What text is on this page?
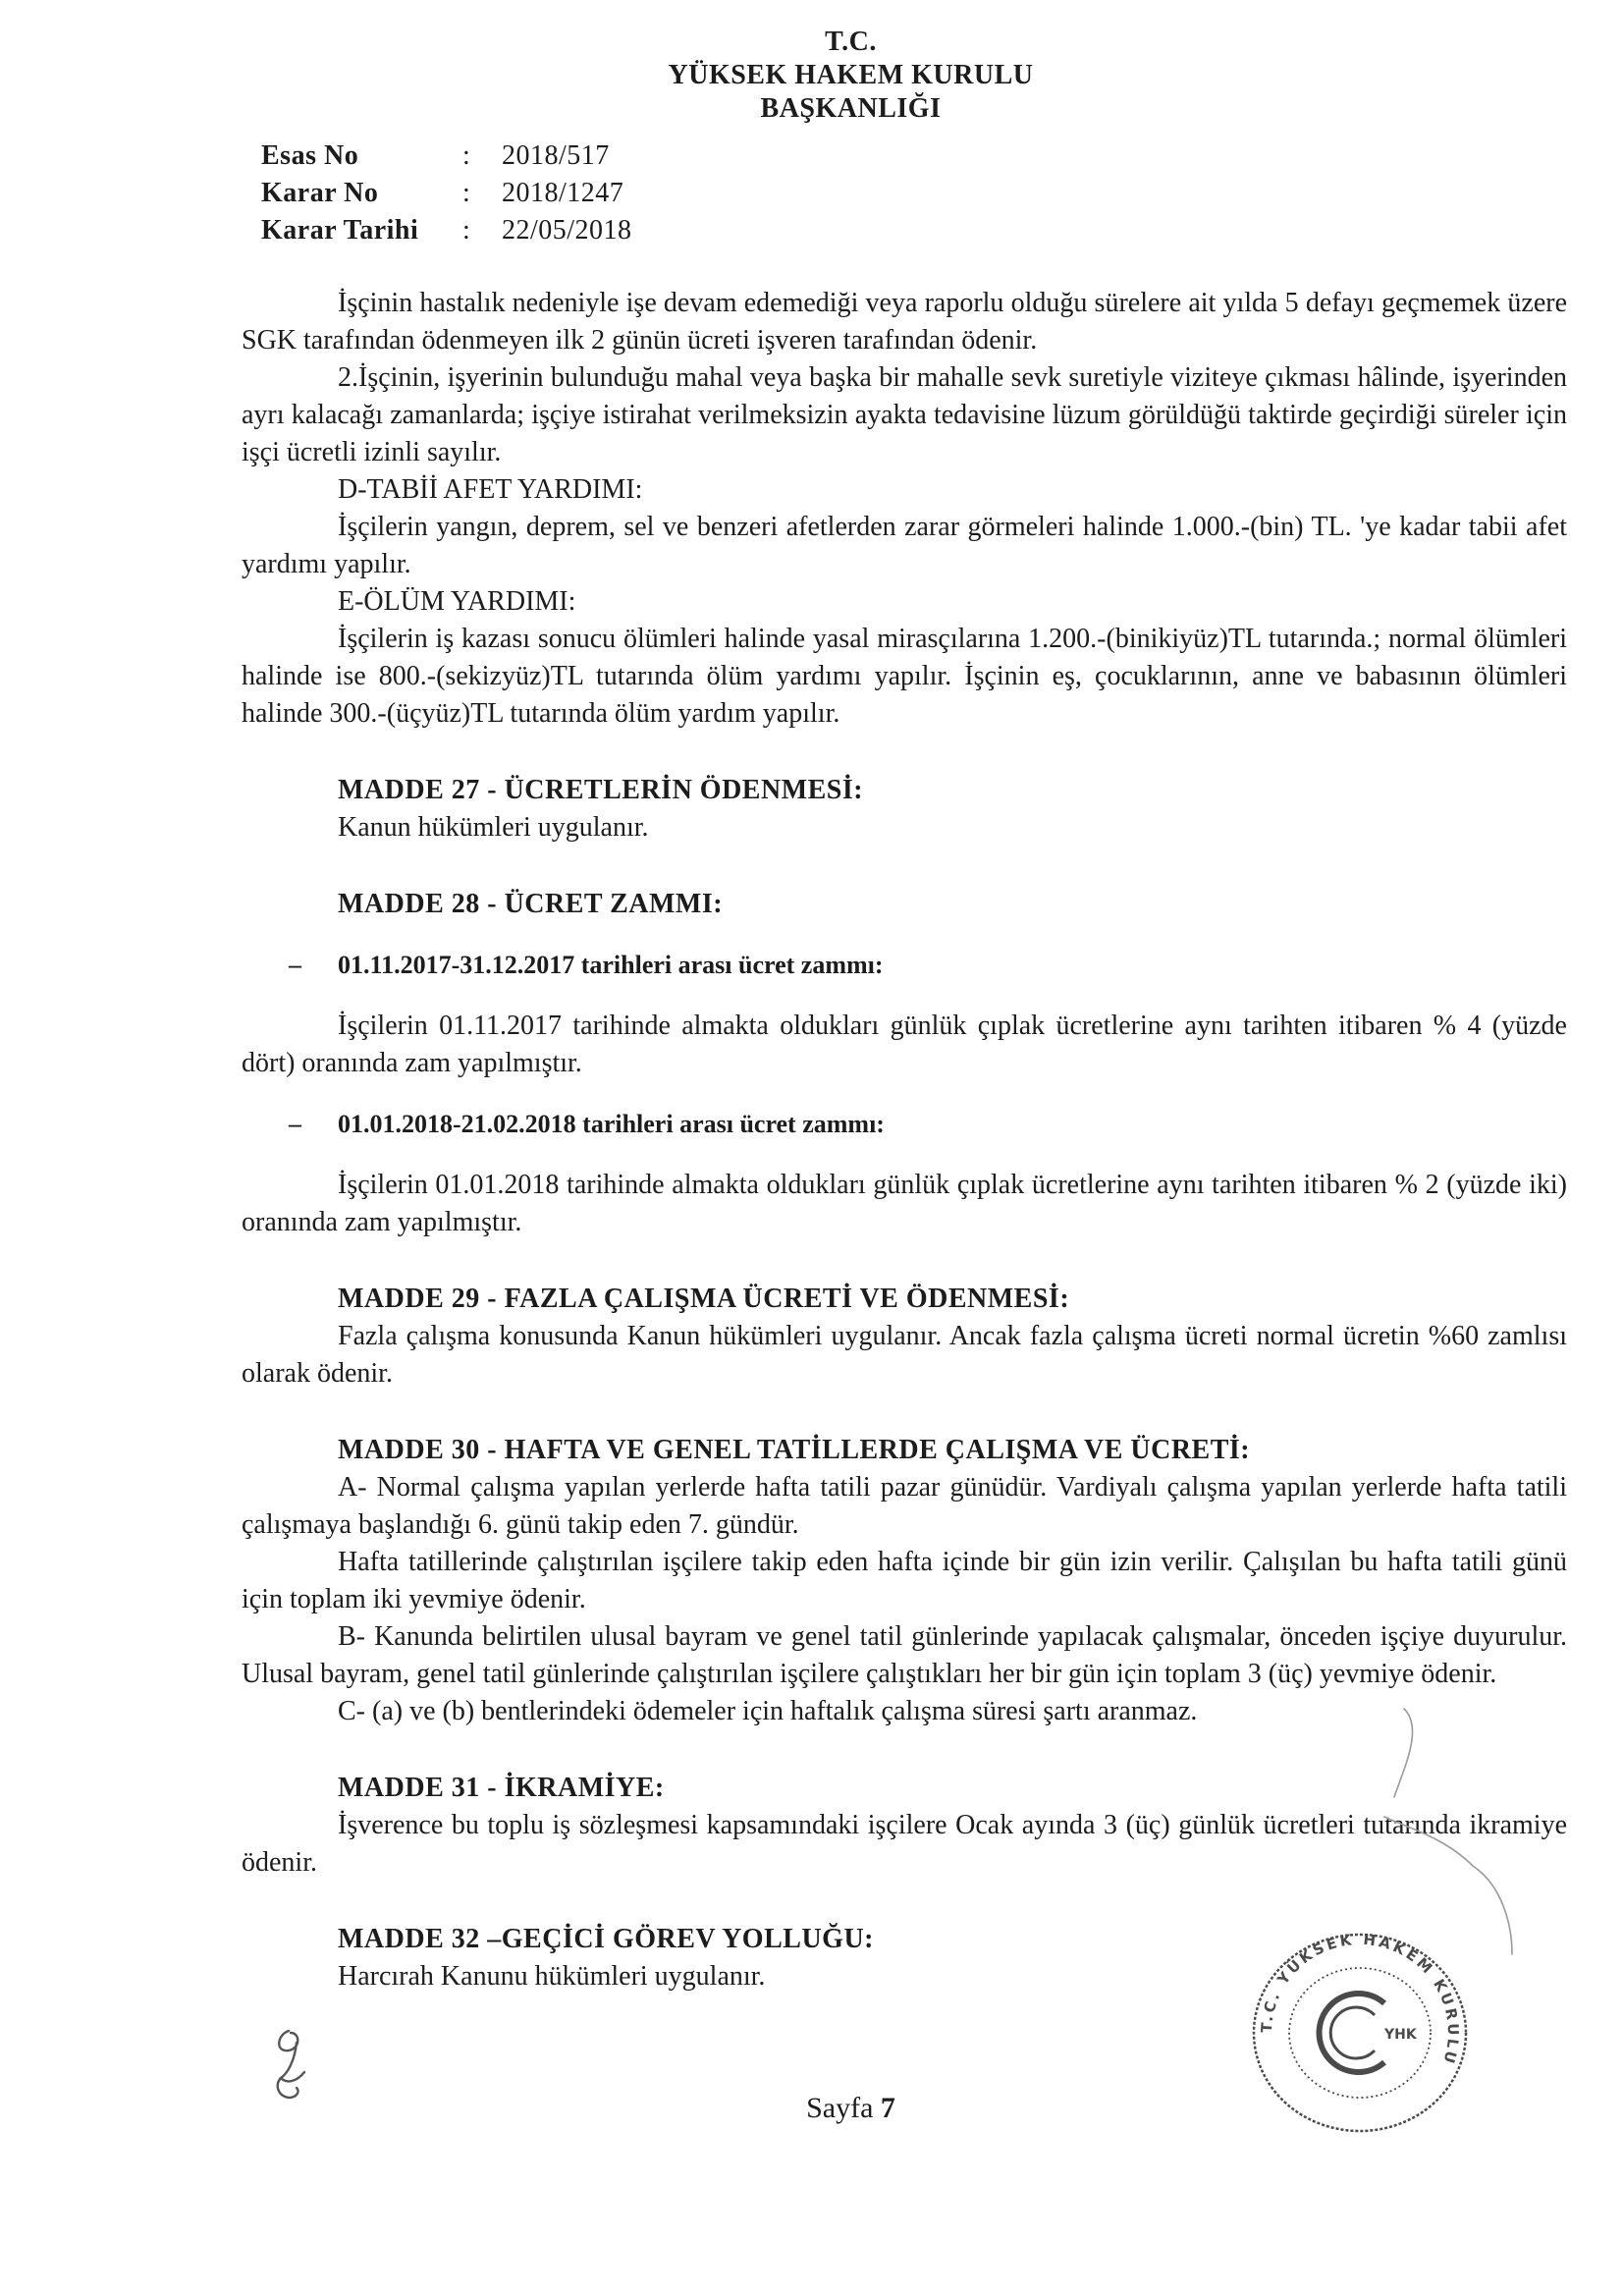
T.C.
YÜKSEK HAKEM KURULU
BAŞKANLIĞI
Esas No	:	2018/517
Karar No	:	2018/1247
Karar Tarihi	:	22/05/2018

İşçinin hastalık nedeniyle işe devam edemediği veya raporlu olduğu sürelere ait yılda 5 defayı geçmemek üzere SGK tarafından ödenmeyen ilk 2 günün ücreti işveren tarafından ödenir.

2.İşçinin, işyerinin bulunduğu mahal veya başka bir mahalle sevk suretiyle viziteye çıkması hâlinde, işyerinden ayrı kalacağı zamanlarda; işçiye istirahat verilmeksizin ayakta tedavisine lüzum görüldüğü taktirde geçirdiği süreler için işçi ücretli izinli sayılır.

D-TABİİ AFET YARDIMI:

İşçilerin yangın, deprem, sel ve benzeri afetlerden zarar görmeleri halinde 1.000.-(bin) TL. 'ye kadar tabii afet yardımı yapılır.

E-ÖLÜM YARDIMI:

İşçilerin iş kazası sonucu ölümleri halinde yasal mirasçılarına 1.200.-(binikiyüz)TL tutarında.; normal ölümleri halinde ise 800.-(sekizyüz)TL tutarında ölüm yardımı yapılır. İşçinin eş, çocuklarının, anne ve babasının ölümleri halinde 300.-(üçyüz)TL tutarında ölüm yardım yapılır.

MADDE 27 - ÜCRETLERİN ÖDENMESİ:

Kanun hükümleri uygulanır.

MADDE 28 - ÜCRET ZAMMI:

–	01.11.2017-31.12.2017 tarihleri arası ücret zammı:

İşçilerin 01.11.2017 tarihinde almakta oldukları günlük çıplak ücretlerine aynı tarihten itibaren % 4 (yüzde dört) oranında zam yapılmıştır.

–	01.01.2018-21.02.2018 tarihleri arası ücret zammı:

İşçilerin 01.01.2018 tarihinde almakta oldukları günlük çıplak ücretlerine aynı tarihten itibaren % 2 (yüzde iki) oranında zam yapılmıştır.

MADDE 29 - FAZLA ÇALIŞMA ÜCRETİ VE ÖDENMESİ:

Fazla çalışma konusunda Kanun hükümleri uygulanır. Ancak fazla çalışma ücreti normal ücretin %60 zamlısı olarak ödenir.

MADDE 30 - HAFTA VE GENEL TATİLLERDE ÇALIŞMA VE ÜCRETİ:

A- Normal çalışma yapılan yerlerde hafta tatili pazar günüdür. Vardiyalı çalışma yapılan yerlerde hafta tatili çalışmaya başlandığı 6. günü takip eden 7. gündür.

Hafta tatillerinde çalıştırılan işçilere takip eden hafta içinde bir gün izin verilir. Çalışılan bu hafta tatili günü için toplam iki yevmiye ödenir.

B- Kanunda belirtilen ulusal bayram ve genel tatil günlerinde yapılacak çalışmalar, önceden işçiye duyurulur. Ulusal bayram, genel tatil günlerinde çalıştırılan işçilere çalıştıkları her bir gün için toplam 3 (üç) yevmiye ödenir.

C- (a) ve (b) bentlerindeki ödemeler için haftalık çalışma süresi şartı aranmaz.

MADDE 31 - İKRAMİYE:

İşverence bu toplu iş sözleşmesi kapsamındaki işçilere Ocak ayında 3 (üç) günlük ücretleri tutarında ikramiye ödenir.

MADDE 32 –GEÇİCİ GÖREV YOLLUĞU:

Harcırah Kanunu hükümleri uygulanır.

T.C. YÜKSEK HAKEM KURULU
YHK
Sayfa 7
